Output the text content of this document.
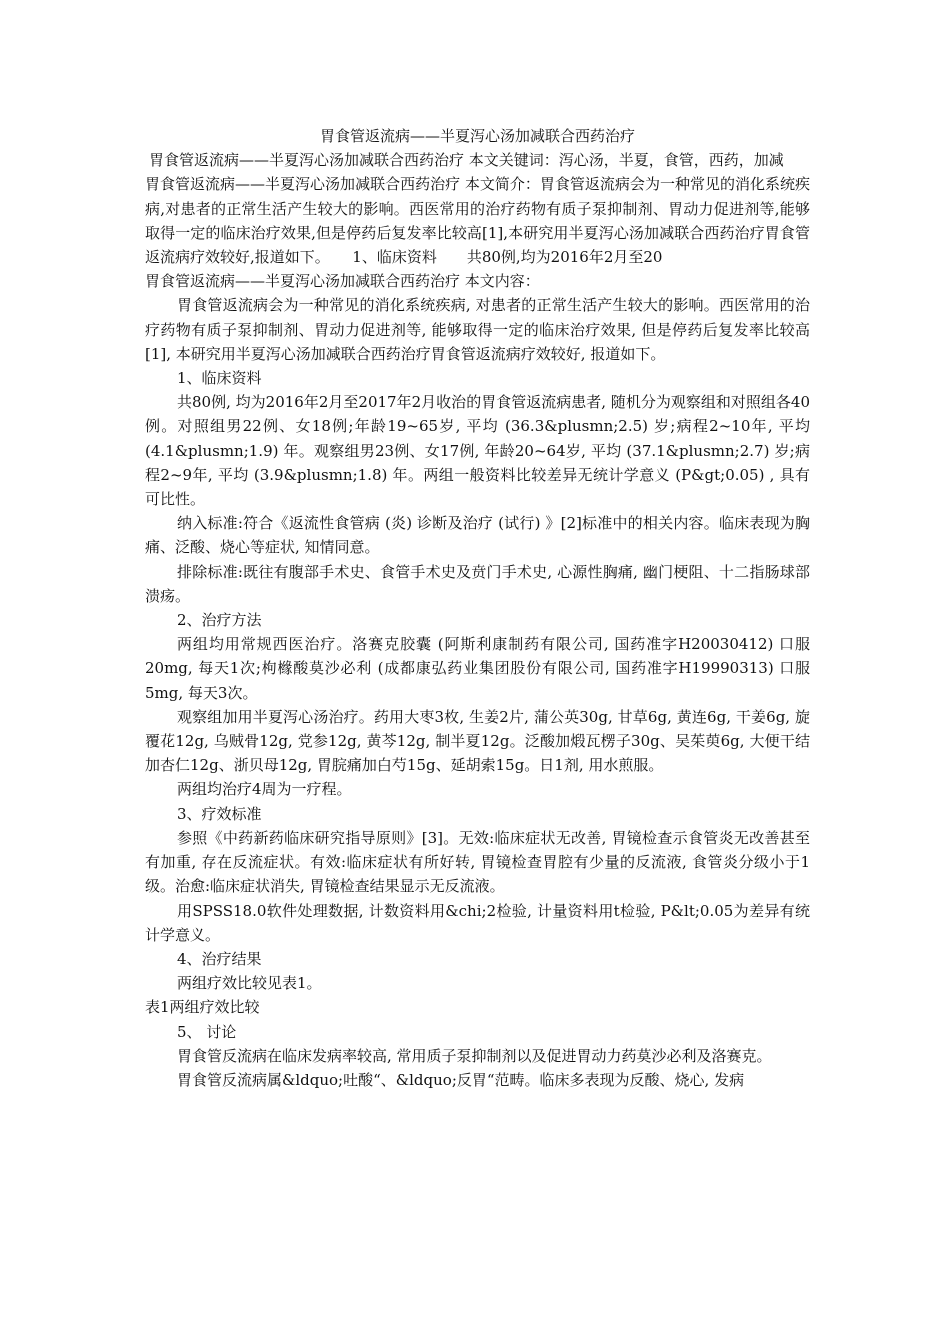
胃食管返流病——半夏泻心汤加减联合西药治疗

胃食管返流病——半夏泻心汤加减联合西药治疗 本文关键词：泻心汤，半夏，食管，西药，加减

胃食管返流病——半夏泻心汤加减联合西药治疗 本文简介：胃食管返流病会为一种常见的消化系统疾病,对患者的正常生活产生较大的影响。西医常用的治疗药物有质子泵抑制剂、胃动力促进剂等,能够取得一定的临床治疗效果,但是停药后复发率比较高[1],本研究用半夏泻心汤加减联合西药治疗胃食管返流病疗效较好,报道如下。　　1、临床资料　　共80例,均为2016年2月至20

胃食管返流病——半夏泻心汤加减联合西药治疗 本文内容：

胃食管返流病会为一种常见的消化系统疾病, 对患者的正常生活产生较大的影响。西医常用的治疗药物有质子泵抑制剂、胃动力促进剂等, 能够取得一定的临床治疗效果, 但是停药后复发率比较高[1], 本研究用半夏泻心汤加减联合西药治疗胃食管返流病疗效较好, 报道如下。

1、临床资料

共80例, 均为2016年2月至2017年2月收治的胃食管返流病患者, 随机分为观察组和对照组各40例。对照组男22例、女18例;年龄19~65岁, 平均 (36.3&plusmn;2.5) 岁;病程2~10年, 平均 (4.1&plusmn;1.9) 年。观察组男23例、女17例, 年龄20~64岁, 平均 (37.1&plusmn;2.7) 岁;病程2~9年, 平均 (3.9&plusmn;1.8) 年。两组一般资料比较差异无统计学意义 (P&gt;0.05) , 具有可比性。

纳入标准:符合《返流性食管病 (炎) 诊断及治疗 (试行) 》[2]标准中的相关内容。临床表现为胸痛、泛酸、烧心等症状, 知情同意。

排除标准:既往有腹部手术史、食管手术史及贲门手术史, 心源性胸痛, 幽门梗阻、十二指肠球部溃疡。

2、治疗方法

两组均用常规西医治疗。洛赛克胶囊 (阿斯利康制药有限公司, 国药准字H20030412) 口服20mg, 每天1次;枸橼酸莫沙必利 (成都康弘药业集团股份有限公司, 国药准字H19990313) 口服5mg, 每天3次。

观察组加用半夏泻心汤治疗。药用大枣3枚, 生姜2片, 蒲公英30g, 甘草6g, 黄连6g, 干姜6g, 旋覆花12g, 乌贼骨12g, 党参12g, 黄芩12g, 制半夏12g。泛酸加煅瓦楞子30g、吴茱萸6g, 大便干结加杏仁12g、浙贝母12g, 胃脘痛加白芍15g、延胡索15g。日1剂, 用水煎服。

两组均治疗4周为一疗程。

3、疗效标准

参照《中药新药临床研究指导原则》[3]。无效:临床症状无改善, 胃镜检查示食管炎无改善甚至有加重, 存在反流症状。有效:临床症状有所好转, 胃镜检查胃腔有少量的反流液, 食管炎分级小于1级。治愈:临床症状消失, 胃镜检查结果显示无反流液。

用SPSS18.0软件处理数据, 计数资料用&chi;2检验, 计量资料用t检验, P&lt;0.05为差异有统计学意义。

4、治疗结果

两组疗效比较见表1。

表1两组疗效比较

5、 讨论

胃食管反流病在临床发病率较高, 常用质子泵抑制剂以及促进胃动力药莫沙必利及洛赛克。

胃食管反流病属&ldquo;吐酸“、&ldquo;反胃“范畴。临床多表现为反酸、烧心, 发病
